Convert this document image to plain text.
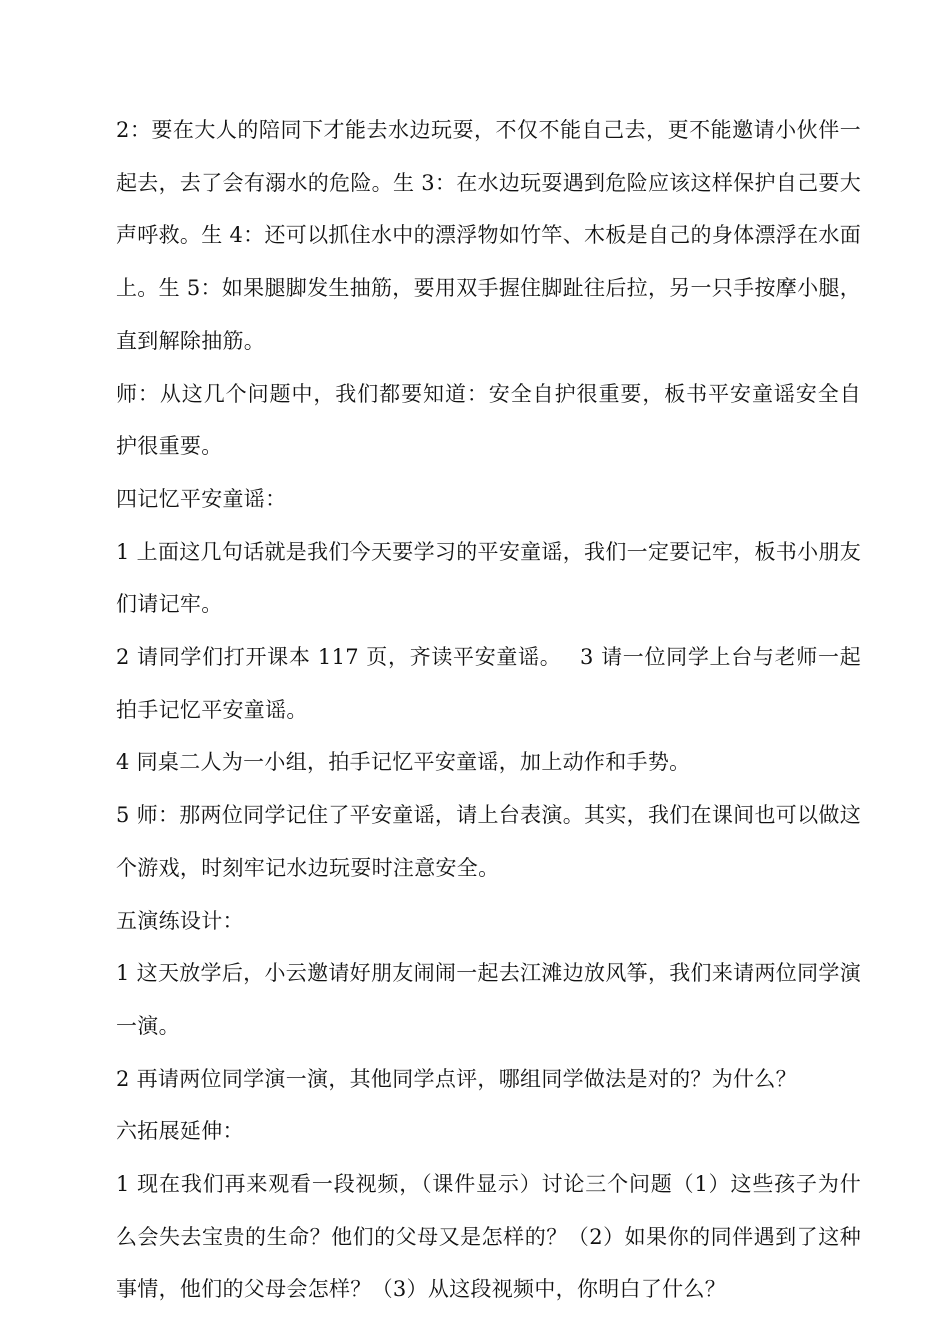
2：要在大人的陪同下才能去水边玩耍，不仅不能自己去，更不能邀请小伙伴一起去，去了会有溺水的危险。生 3：在水边玩耍遇到危险应该这样保护自己要大声呼救。生 4：还可以抓住水中的漂浮物如竹竿、木板是自己的身体漂浮在水面上。生 5：如果腿脚发生抽筋，要用双手握住脚趾往后拉，另一只手按摩小腿，直到解除抽筋。

师：从这几个问题中，我们都要知道：安全自护很重要，板书平安童谣安全自护很重要。

四记忆平安童谣：

1 上面这几句话就是我们今天要学习的平安童谣，我们一定要记牢，板书小朋友们请记牢。

2 请同学们打开课本 117 页，齐读平安童谣。　 3 请一位同学上台与老师一起拍手记忆平安童谣。

4 同桌二人为一小组，拍手记忆平安童谣，加上动作和手势。

5 师：那两位同学记住了平安童谣，请上台表演。其实，我们在课间也可以做这个游戏，时刻牢记水边玩耍时注意安全。

五演练设计：

1 这天放学后，小云邀请好朋友闹闹一起去江滩边放风筝，我们来请两位同学演一演。

2 再请两位同学演一演，其他同学点评，哪组同学做法是对的？为什么？

六拓展延伸：

1 现在我们再来观看一段视频，（课件显示）讨论三个问题（1）这些孩子为什么会失去宝贵的生命？他们的父母又是怎样的？（2）如果你的同伴遇到了这种事情，他们的父母会怎样？（3）从这段视频中，你明白了什么？
